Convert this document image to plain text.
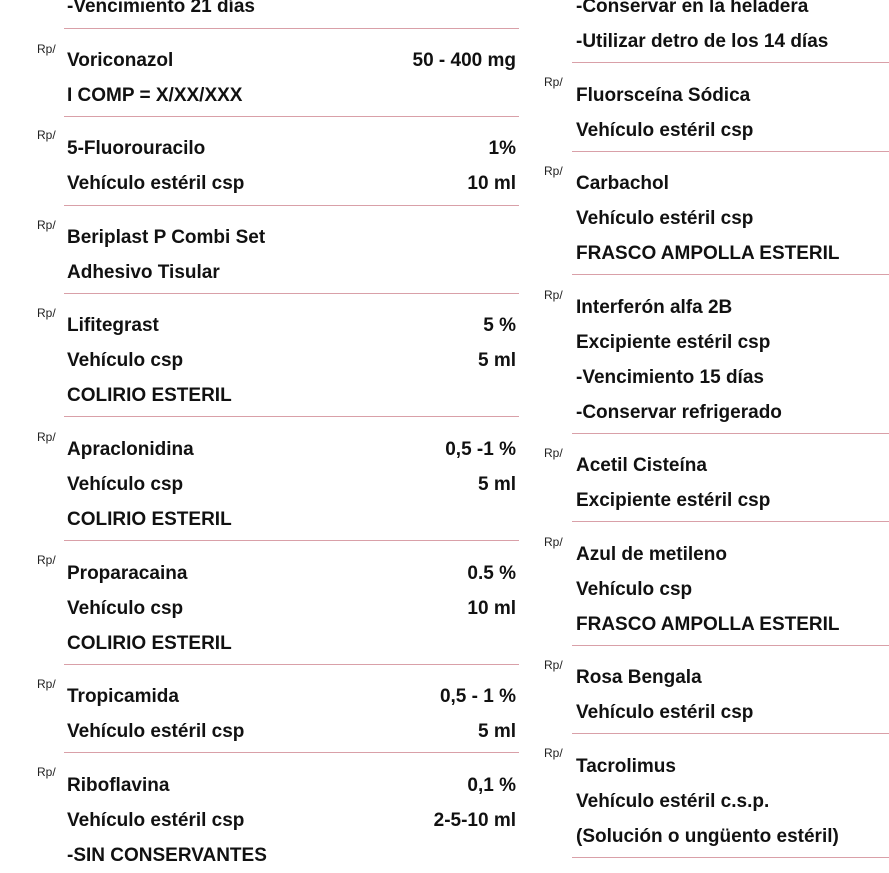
-Vencimiento 21 días
Rp/
Voriconazol	50 - 400 mg
I COMP = X/XX/XXX
Rp/
5-Fluorouracilo	1%
Vehículo estéril csp	10 ml
Rp/
Beriplast P Combi Set
Adhesivo Tisular
Rp/
Lifitegrast	5 %
Vehículo csp	5 ml
COLIRIO ESTERIL
Rp/
Apraclonidina	0,5 -1 %
Vehículo csp	5 ml
COLIRIO ESTERIL
Rp/
Proparacaina	0.5 %
Vehículo csp	10 ml
COLIRIO ESTERIL
Rp/
Tropicamida	0,5 - 1 %
Vehículo estéril csp	5 ml
Rp/
Riboflavina	0,1 %
Vehículo estéril csp	2-5-10 ml
-SIN CONSERVANTES
-Conservar en la heladera
-Utilizar detro de los 14 días
Rp/
Fluorsceína Sódica
Vehículo estéril csp
Rp/
Carbachol
Vehículo estéril csp
FRASCO AMPOLLA ESTERIL
Rp/
Interferón alfa 2B
Excipiente estéril csp
-Vencimiento 15 días
-Conservar refrigerado
Rp/
Acetil Cisteína
Excipiente estéril csp
Rp/
Azul de metileno
Vehículo csp
FRASCO AMPOLLA ESTERIL
Rp/
Rosa Bengala
Vehículo estéril csp
Rp/
Tacrolimus
Vehículo estéril c.s.p.
(Solución o ungüento estéril)
